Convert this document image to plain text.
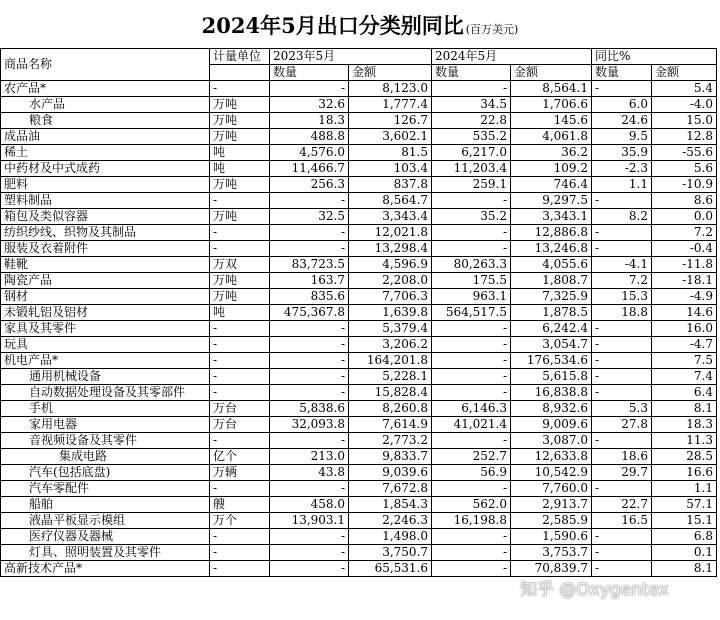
2024年5月出口分类别同比 (百万美元)
商品名称	计量单位	2023年5月		2024年5月		同比%	
		数量	金额	数量	金额	数量	金额
农产品*	-	-	8,123.0	-	8,564.1	-	5.4
水产品	万吨	32.6	1,777.4	34.5	1,706.6	6.0	-4.0
粮食	万吨	18.3	126.7	22.8	145.6	24.6	15.0
成品油	万吨	488.8	3,602.1	535.2	4,061.8	9.5	12.8
稀土	吨	4,576.0	81.5	6,217.0	36.2	35.9	-55.6
中药材及中式成药	吨	11,466.7	103.4	11,203.4	109.2	-2.3	5.6
肥料	万吨	256.3	837.8	259.1	746.4	1.1	-10.9
塑料制品	-	-	8,564.7	-	9,297.5	-	8.6
箱包及类似容器	万吨	32.5	3,343.4	35.2	3,343.1	8.2	0.0
纺织纱线、织物及其制品	-	-	12,021.8	-	12,886.8	-	7.2
服装及衣着附件	-	-	13,298.4	-	13,246.8	-	-0.4
鞋靴	万双	83,723.5	4,596.9	80,263.3	4,055.6	-4.1	-11.8
陶瓷产品	万吨	163.7	2,208.0	175.5	1,808.7	7.2	-18.1
钢材	万吨	835.6	7,706.3	963.1	7,325.9	15.3	-4.9
未锻轧铝及铝材	吨	475,367.8	1,639.8	564,517.5	1,878.5	18.8	14.6
家具及其零件	-	-	5,379.4	-	6,242.4	-	16.0
玩具	-	-	3,206.2	-	3,054.7	-	-4.7
机电产品*	-	-	164,201.8	-	176,534.6	-	7.5
通用机械设备	-	-	5,228.1	-	5,615.8	-	7.4
自动数据处理设备及其零部件	-	-	15,828.4	-	16,838.8	-	6.4
手机	万台	5,838.6	8,260.8	6,146.3	8,932.6	5.3	8.1
家用电器	万台	32,093.8	7,614.9	41,021.4	9,009.6	27.8	18.3
音视频设备及其零件	-	-	2,773.2	-	3,087.0	-	11.3
集成电路	亿个	213.0	9,833.7	252.7	12,633.8	18.6	28.5
汽车(包括底盘)	万辆	43.8	9,039.6	56.9	10,542.9	29.7	16.6
汽车零配件	-	-	7,672.8	-	7,760.0	-	1.1
船舶	艘	458.0	1,854.3	562.0	2,913.7	22.7	57.1
液晶平板显示模组	万个	13,903.1	2,246.3	16,198.8	2,585.9	16.5	15.1
医疗仪器及器械	-	-	1,498.0	-	1,590.6	-	6.8
灯具、照明装置及其零件	-	-	3,750.7	-	3,753.7	-	0.1
高新技术产品*	-	-	65,531.6	-	70,839.7	-	8.1
知乎 @Oxygentex
